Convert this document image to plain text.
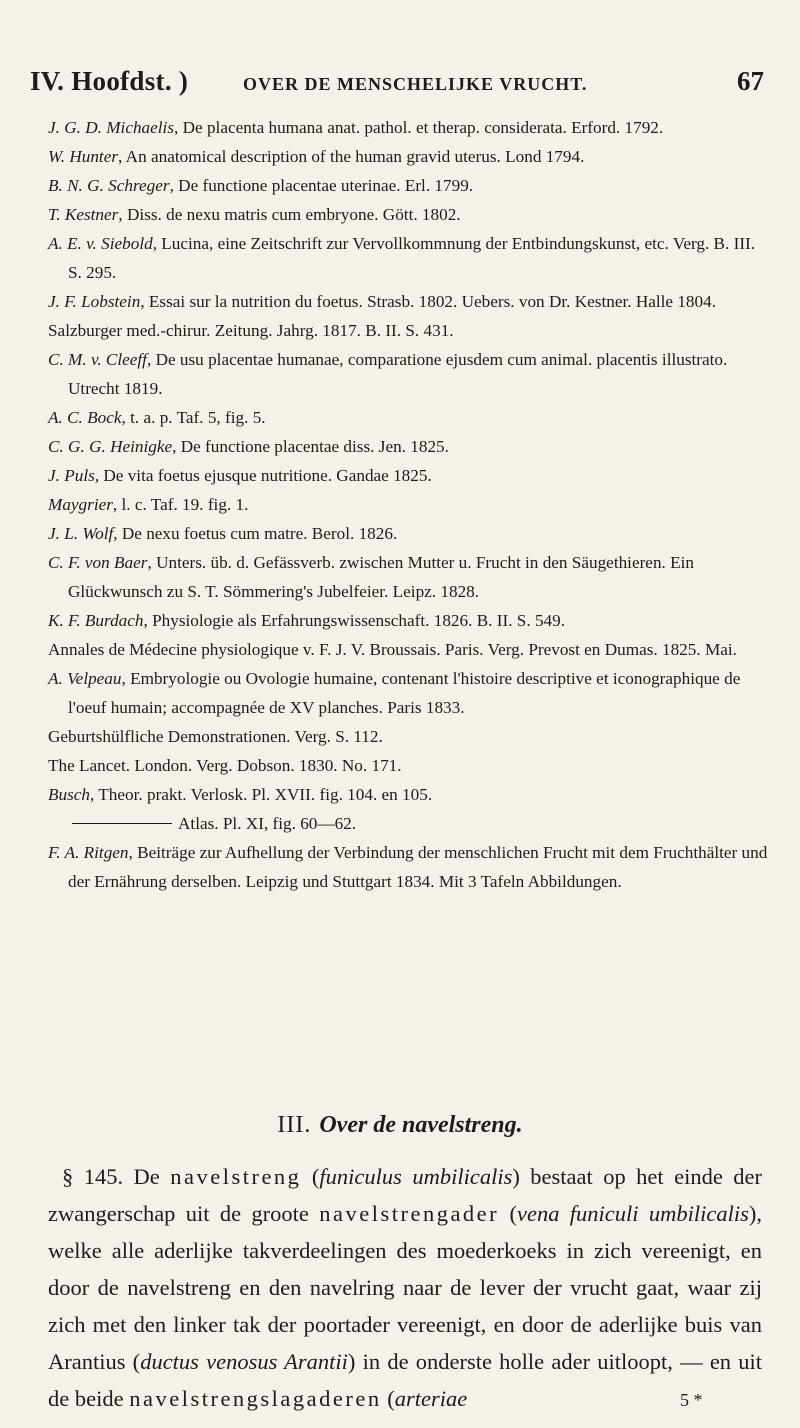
IV. Hoofdst. )	OVER DE MENSCHELIJKE VRUCHT.	67

J. G. D. Michaelis, De placenta humana anat. pathol. et therap. considerata. Erford. 1792.

W. Hunter, An anatomical description of the human gravid uterus. Lond 1794.

B. N. G. Schreger, De functione placentae uterinae. Erl. 1799.

T. Kestner, Diss. de nexu matris cum embryone. Gött. 1802.

A. E. v. Siebold, Lucina, eine Zeitschrift zur Vervollkommnung der Entbindungskunst, etc. Verg. B. III. S. 295.

J. F. Lobstein, Essai sur la nutrition du foetus. Strasb. 1802. Uebers. von Dr. Kestner. Halle 1804.

Salzburger med.-chirur. Zeitung. Jahrg. 1817. B. II. S. 431.

C. M. v. Cleeff, De usu placentae humanae, comparatione ejusdem cum animal. placentis illustrato. Utrecht 1819.

A. C. Bock, t. a. p. Taf. 5, fig. 5.

C. G. G. Heinigke, De functione placentae diss. Jen. 1825.

J. Puls, De vita foetus ejusque nutritione. Gandae 1825.

Maygrier, l. c. Taf. 19. fig. 1.

J. L. Wolf, De nexu foetus cum matre. Berol. 1826.

C. F. von Baer, Unters. üb. d. Gefässverb. zwischen Mutter u. Frucht in den Säugethieren. Ein Glückwunsch zu S. T. Sömmering's Jubelfeier. Leipz. 1828.

K. F. Burdach, Physiologie als Erfahrungswissenschaft. 1826. B. II. S. 549.

Annales de Médecine physiologique v. F. J. V. Broussais. Paris. Verg. Prevost en Dumas. 1825. Mai.

A. Velpeau, Embryologie ou Ovologie humaine, contenant l'histoire descriptive et iconographique de l'oeuf humain; accompagnée de XV planches. Paris 1833.

Geburtshülfliche Demonstrationen. Verg. S. 112.

The Lancet. London. Verg. Dobson. 1830. No. 171.

Busch, Theor. prakt. Verlosk. Pl. XVII. fig. 104. en 105.

Atlas. Pl. XI, fig. 60—62.

F. A. Ritgen, Beiträge zur Aufhellung der Verbindung der menschlichen Frucht mit dem Fruchthälter und der Ernährung derselben. Leipzig und Stuttgart 1834. Mit 3 Tafeln Abbildungen.

III. Over de navelstreng.

§ 145. De navelstreng (funiculus umbilicalis) bestaat op het einde der zwangerschap uit de groote navelstrengader (vena funiculi umbilicalis), welke alle aderlijke takverdeelingen des moederkoeks in zich vereenigt, en door de navelstreng en den navelring naar de lever der vrucht gaat, waar zij zich met den linker tak der poortader vereenigt, en door de aderlijke buis van Arantius (ductus venosus Arantii) in de onderste holle ader uitloopt, — en uit de beide navelstrengslagaderen (arteriae	5 *
